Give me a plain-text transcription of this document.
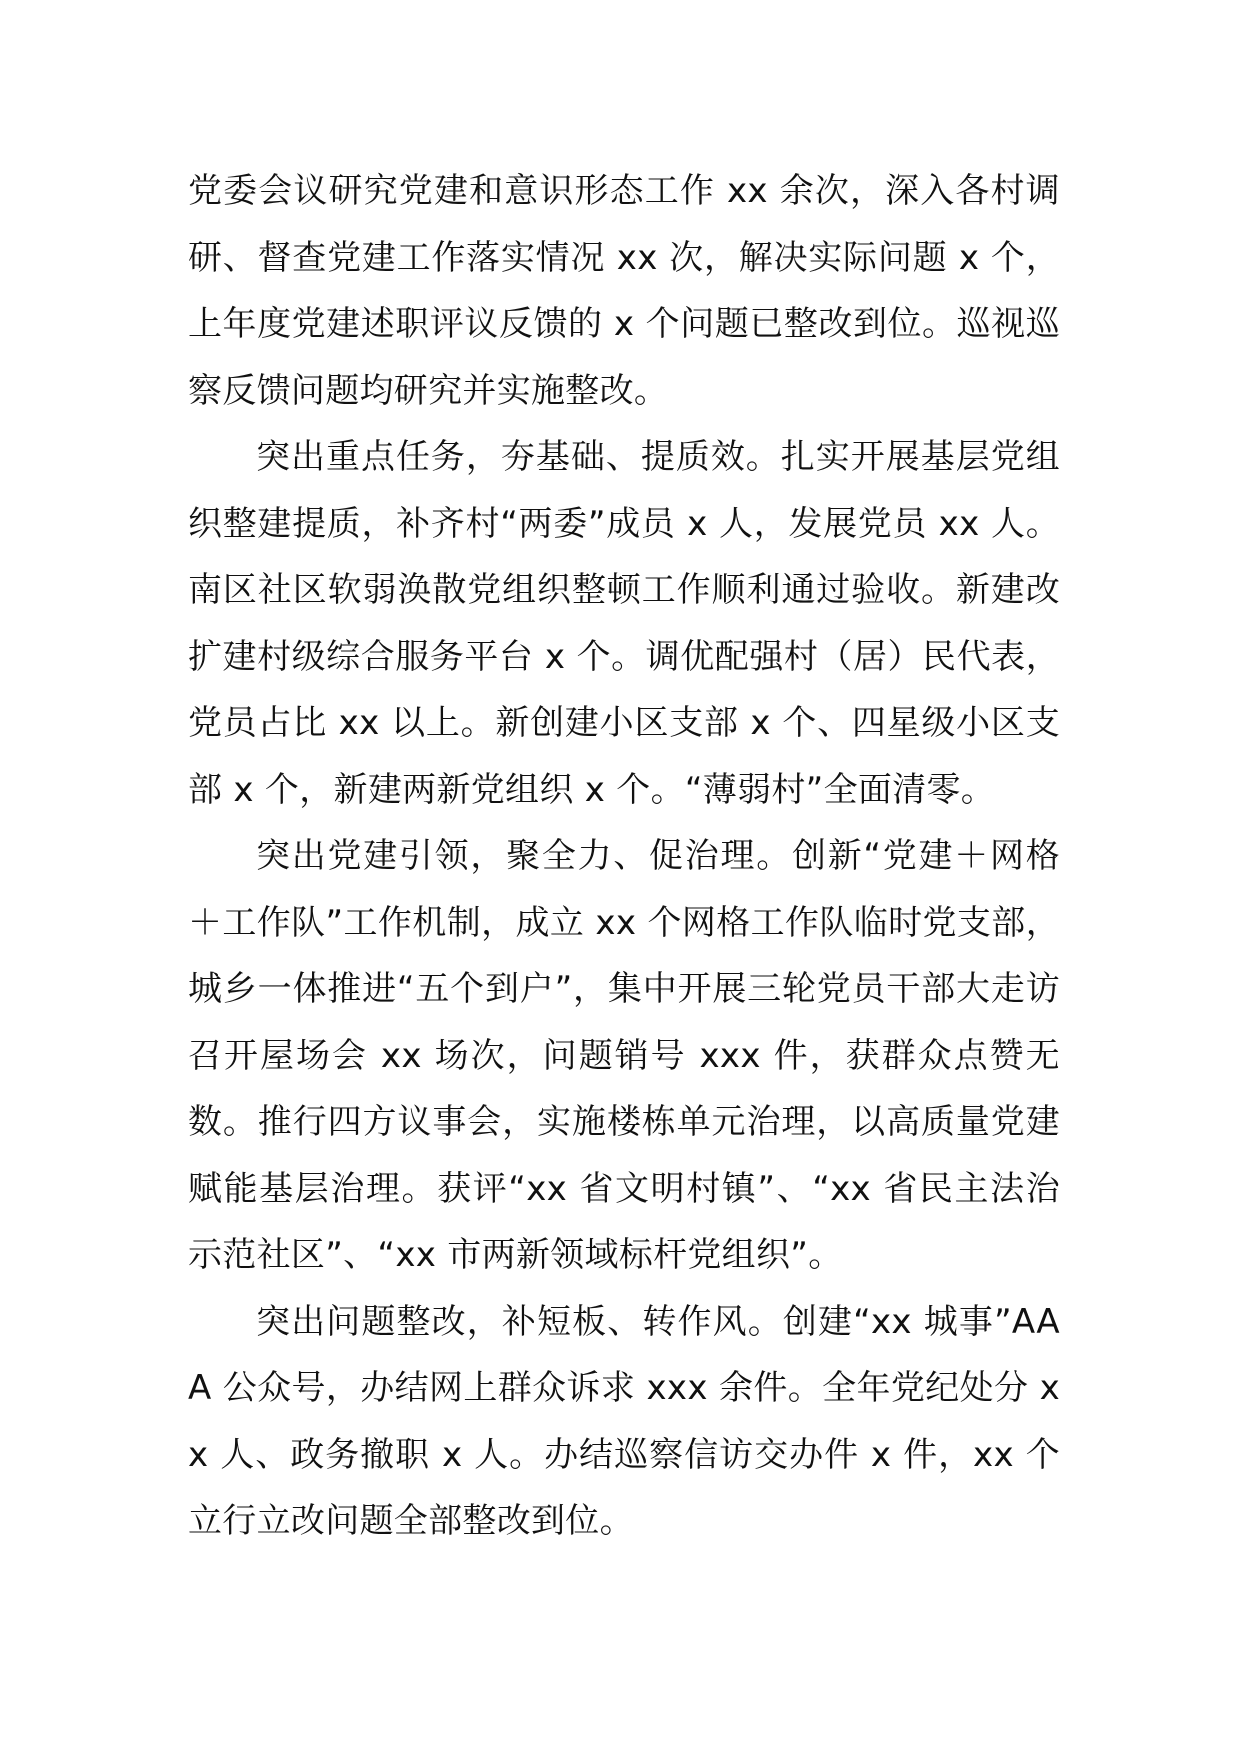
党委会议研究党建和意识形态工作 xx 余次，深入各村调研、督查党建工作落实情况 xx 次，解决实际问题 x 个，上年度党建述职评议反馈的 x 个问题已整改到位。巡视巡察反馈问题均研究并实施整改。

突出重点任务，夯基础、提质效。扎实开展基层党组织整建提质，补齐村“两委”成员 x 人，发展党员 xx 人。南区社区软弱涣散党组织整顿工作顺利通过验收。新建改扩建村级综合服务平台 x 个。调优配强村（居）民代表，党员占比 xx 以上。新创建小区支部 x 个、四星级小区支部 x 个，新建两新党组织 x 个。“薄弱村”全面清零。

突出党建引领，聚全力、促治理。创新“党建＋网格＋工作队”工作机制，成立 xx 个网格工作队临时党支部，城乡一体推进“五个到户”，集中开展三轮党员干部大走访召开屋场会 xx 场次，问题销号 xxx 件，获群众点赞无数。推行四方议事会，实施楼栋单元治理，以高质量党建赋能基层治理。获评“xx 省文明村镇”、“xx 省民主法治示范社区”、“xx 市两新领域标杆党组织”。

突出问题整改，补短板、转作风。创建“xx 城事”AAA 公众号，办结网上群众诉求 xxx 余件。全年党纪处分 xx 人、政务撤职 x 人。办结巡察信访交办件 x 件，xx 个立行立改问题全部整改到位。
